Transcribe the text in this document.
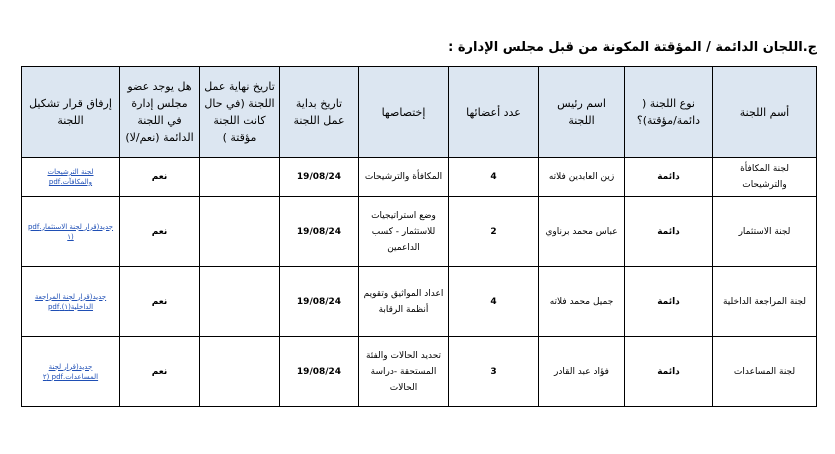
ج.اللجان الدائمة / المؤقتة المكونة من قبل مجلس الإدارة :
أسم اللجنة	نوع اللجنة ( دائمة/مؤقتة)؟	اسم رئيس اللجنة	عدد أعضائها	إختصاصها	تاريخ بداية عمل اللجنة	تاريخ نهاية عمل اللجنة (في حال كانت اللجنة مؤقتة )	هل يوجد عضو مجلس إدارة في اللجنة الدائمة (نعم/لا)	إرفاق قرار تشكيل اللجنة
لجنة المكافأة والترشيحات	دائمة	زين العابدين فلاته	4	المكافأة والترشيحات	19/08/24		نعم	لجنة الترشيحات والمكافآت.pdf

لجنة الاستثمار	دائمة	عباس محمد برناوي	2	وضع استراتيجيات للاستثمار - كسب الداعمين	19/08/24		نعم	جديد(قرار لجنة الاستثمار.pdf (١

لجنة المراجعة الداخلية	دائمة	جميل محمد فلاته	4	اعداد المواثيق وتقويم أنظمة الرقابة	19/08/24		نعم	جديد(قرار لجنة المراجعة الداخلية(١).pdf

لجنة المساعدات	دائمة	فؤاد عبد القادر	3	تحديد الحالات والفئة المستحقة -دراسة الحالات	19/08/24		نعم	جديد(قرار لجنة المساعدات.pdf (٢
